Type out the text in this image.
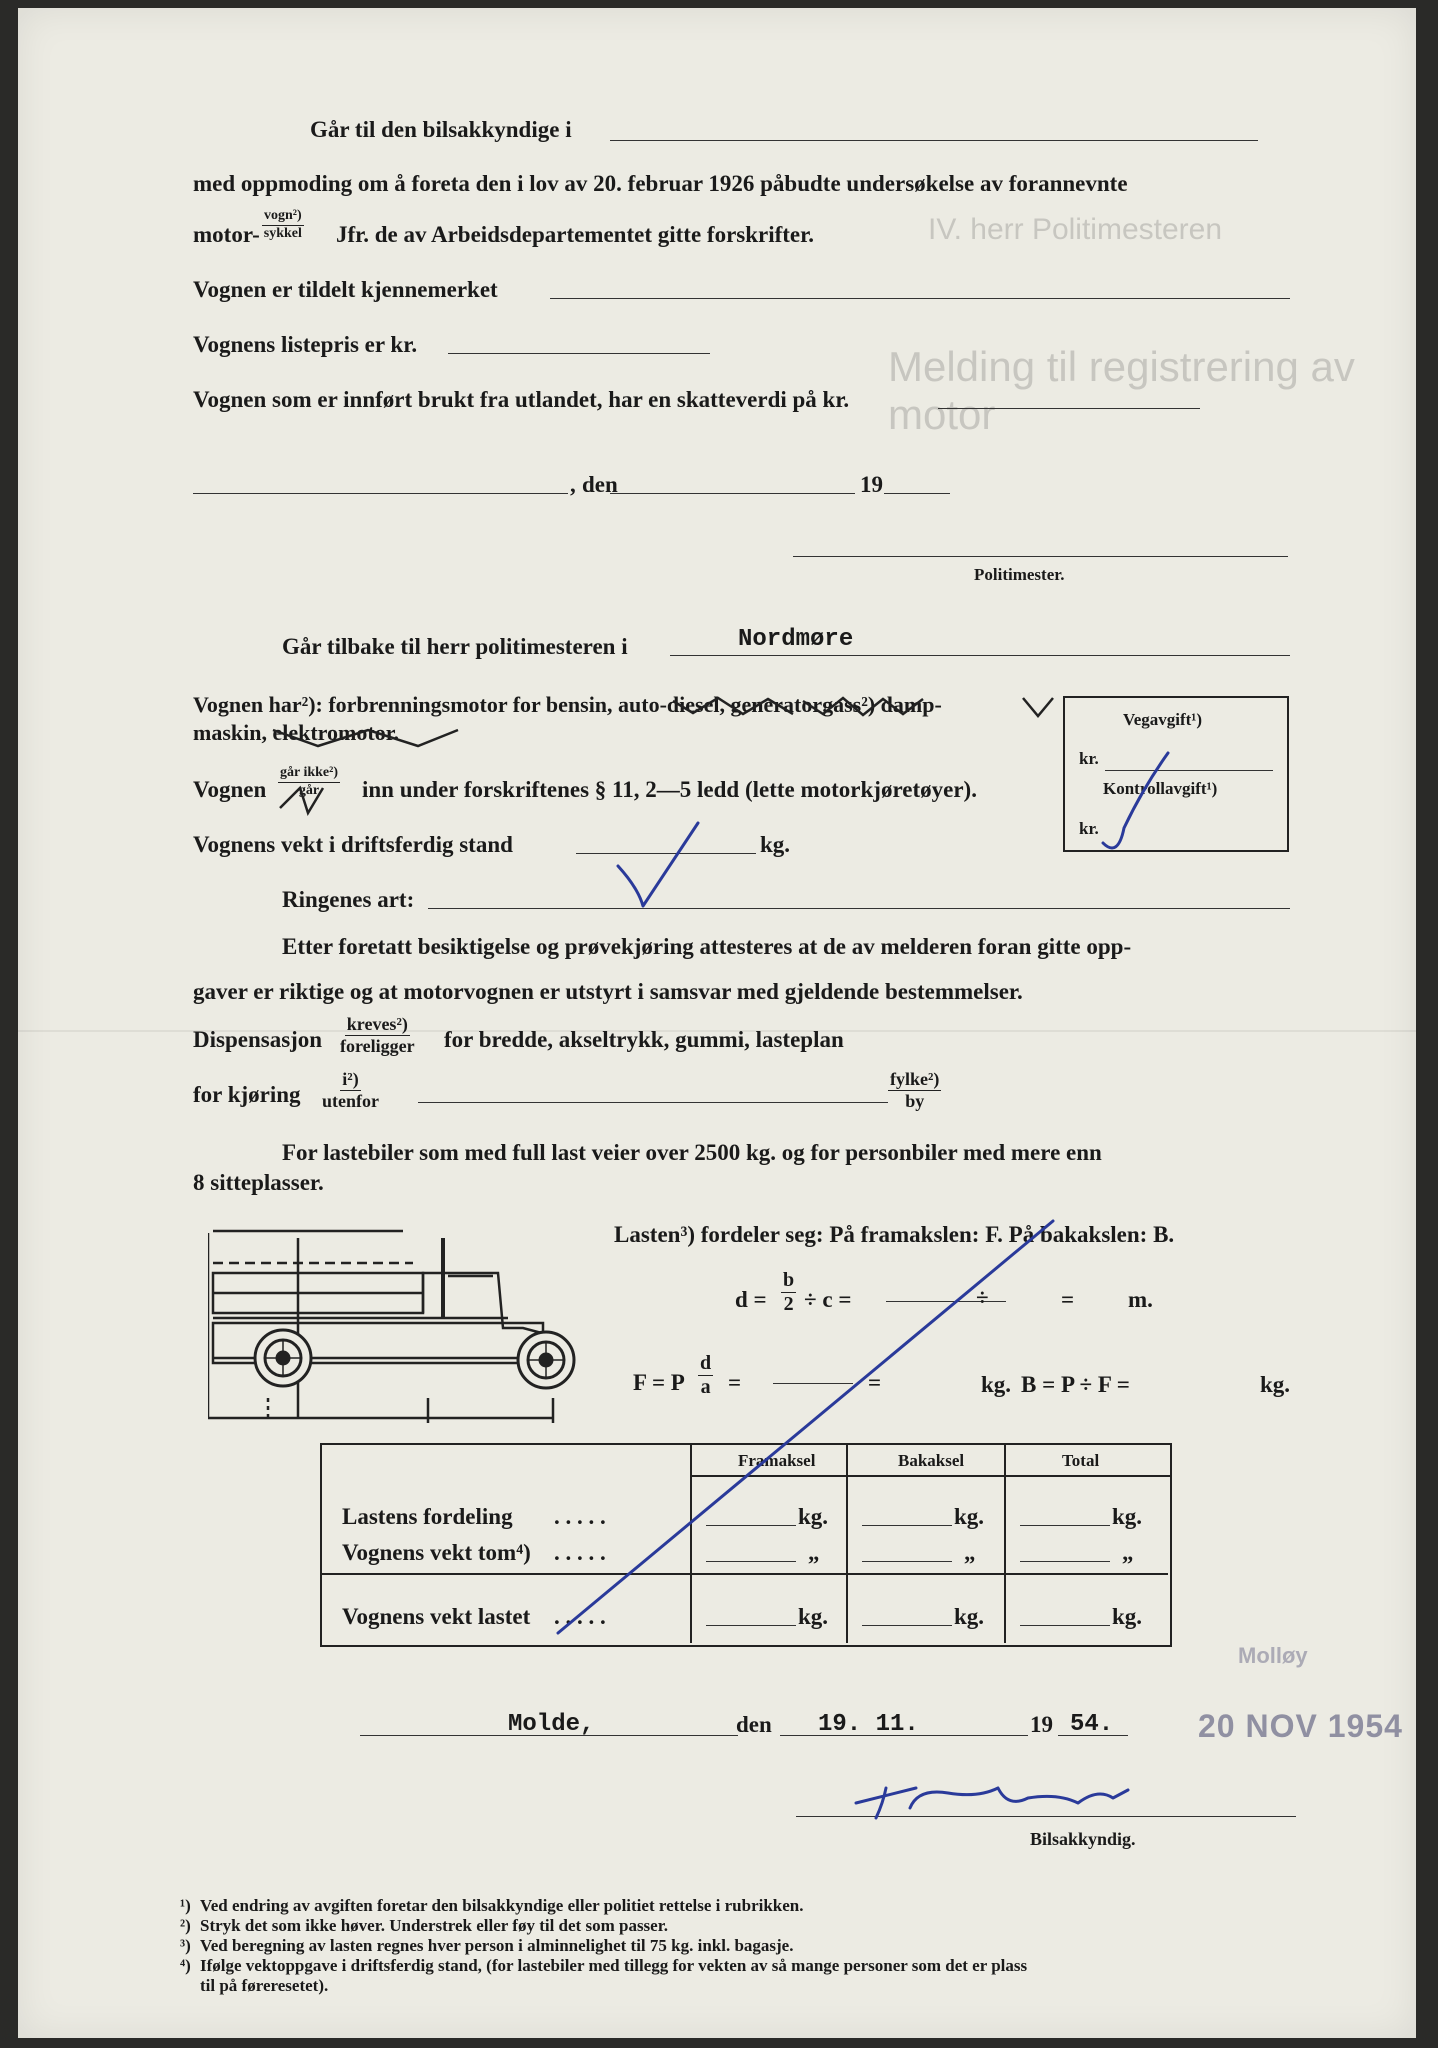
IV. herr Politimesteren
Melding til registrering av motor
Går til den bilsakkyndige i
med oppmoding om å foreta den i lov av 20. februar 1926 påbudte undersøkelse av forannevnte
motor-
vogn²)
sykkel Jfr. de av Arbeidsdepartementet gitte forskrifter.
Vognen er tildelt kjennemerket
Vognens listepris er kr.
Vognen som er innført brukt fra utlandet, har en skatteverdi på kr.
, den	19
Politimester.
Går tilbake til herr politimesteren i	Nordmøre
Vognen har²): forbrenningsmotor for bensin, auto-diesel, generatorgass²) damp-
maskin, elektromotor.
Vegavgift¹)
kr.
Kontrollavgift¹)
kr.
Vognen
går ikke²)
går inn under forskriftenes § 11, 2—5 ledd (lette motorkjøretøyer).
Vognens vekt i driftsferdig stand	kg.
Ringenes art:
Etter foretatt besiktigelse og prøvekjøring attesteres at de av melderen foran gitte opp-
gaver er riktige og at motorvognen er utstyrt i samsvar med gjeldende bestemmelser.
Dispensasjon
kreves²)
foreligger for bredde, akseltrykk, gummi, lasteplan
for kjøring
i²)
utenfor
fylke²)
by
For lastebiler som med full last veier over 2500 kg. og for personbiler med mere enn
8 sitteplasser.
Lasten³) fordeler seg: På framakslen: F. På bakakslen: B.
$d = \frac{b}{2} \div c$ =	÷	= m.
F = P $\frac{d}{a}$ =	=	kg. B = P ÷ F =	kg.
Framaksel	Bakaksel	Total
Lastens fordeling . . . . .	kg.	kg.	kg.
Vognens vekt tom⁴) . . . . .	„	„	„
Vognens vekt lastet . . . . .	kg.	kg.	kg.
Molde,	den 19. 11.	19 54.	20 NOV 1954
Molløy
Bilsakkyndig.
¹) Ved endring av avgiften foretar den bilsakkyndige eller politiet rettelse i rubrikken.
²) Stryk det som ikke høver. Understrek eller føy til det som passer.
³) Ved beregning av lasten regnes hver person i alminnelighet til 75 kg. inkl. bagasje.
⁴) Ifølge vektoppgave i driftsferdig stand, (for lastebiler med tillegg for vekten av så mange personer som det er plass
til på føreresetet).
